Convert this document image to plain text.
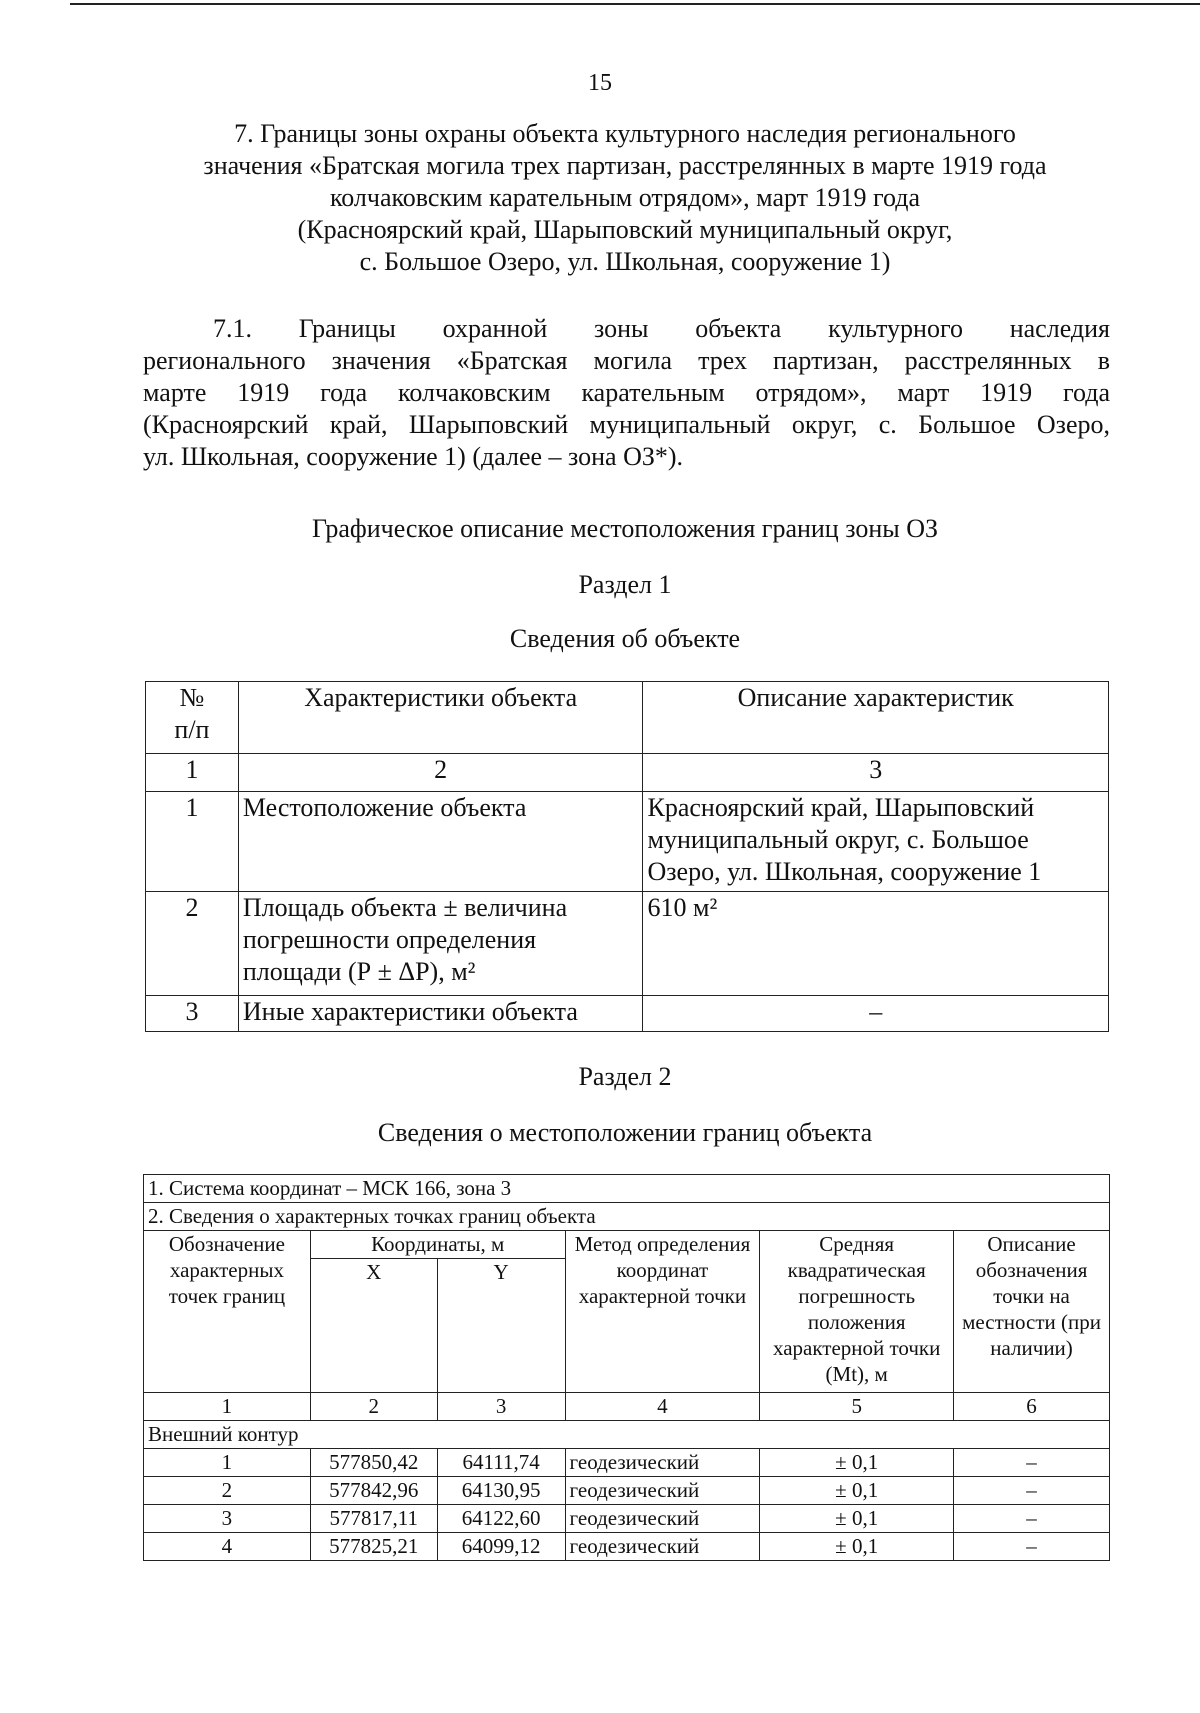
15
7. Границы зоны охраны объекта культурного наследия регионального
значения «Братская могила трех партизан, расстрелянных в марте 1919 года
колчаковским карательным отрядом», март 1919 года
(Красноярский край, Шарыповский муниципальный округ,
с. Большое Озеро, ул. Школьная, сооружение 1)
7.1. Границы охранной зоны объекта культурного наследия
регионального значения «Братская могила трех партизан, расстрелянных в
марте 1919 года колчаковским карательным отрядом», март 1919 года
(Красноярский край, Шарыповский муниципальный округ, с. Большое Озеро,
ул. Школьная, сооружение 1) (далее – зона ОЗ*).
Графическое описание местоположения границ зоны ОЗ
Раздел 1
Сведения об объекте
№
п/п	Характеристики объекта	Описание характеристик
1	2	3
1	Местоположение объекта	Красноярский край, Шарыповский муниципальный округ, с. Большое Озеро, ул. Школьная, сооружение 1
2	Площадь объекта ± величина погрешности определения площади (Р ± ΔР), м²	610 м²
3	Иные характеристики объекта	–
Раздел 2
Сведения о местоположении границ объекта
1. Система координат – МСК 166, зона 3					
2. Сведения о характерных точках границ объекта					
Обозначение характерных точек границ	Координаты, м		Метод определения координат характерной точки	Средняя квадратическая погрешность положения характерной точки (Mt), м	Описание обозначения точки на местности (при наличии)
	X	Y			
1	2	3	4	5	6
Внешний контур					
1	577850,42	64111,74	геодезический	± 0,1	–
2	577842,96	64130,95	геодезический	± 0,1	–
3	577817,11	64122,60	геодезический	± 0,1	–
4	577825,21	64099,12	геодезический	± 0,1	–
